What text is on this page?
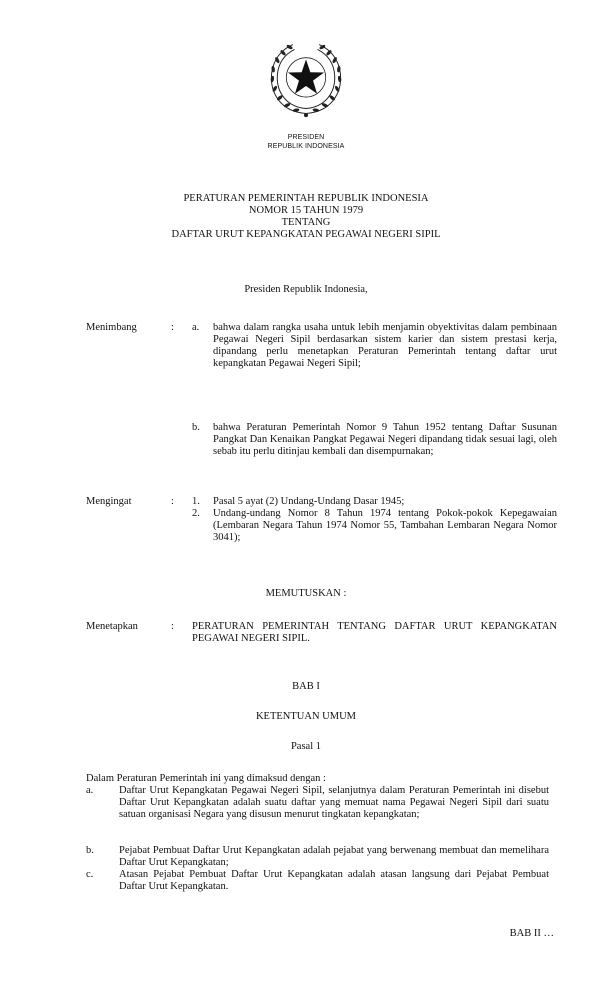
PRESIDEN
REPUBLIK INDONESIA
PERATURAN PEMERINTAH REPUBLIK INDONESIA
NOMOR 15 TAHUN 1979
TENTANG
DAFTAR URUT KEPANGKATAN PEGAWAI NEGERI SIPIL
Presiden Republik Indonesia,
Menimbang	: a. bahwa dalam rangka usaha untuk lebih menjamin obyektivitas dalam pembinaan Pegawai Negeri Sipil berdasarkan sistem karier dan sistem prestasi kerja, dipandang perlu menetapkan Peraturan Pemerintah tentang daftar urut kepangkatan Pegawai Negeri Sipil;
b. bahwa Peraturan Pemerintah Nomor 9 Tahun 1952 tentang Daftar Susunan Pangkat Dan Kenaikan Pangkat Pegawai Negeri dipandang tidak sesuai lagi, oleh sebab itu perlu ditinjau kembali dan disempurnakan;
Mengingat	: 1. Pasal 5 ayat (2) Undang-Undang Dasar 1945;
2. Undang-undang Nomor 8 Tahun 1974 tentang Pokok-pokok Kepegawaian (Lembaran Negara Tahun 1974 Nomor 55, Tambahan Lembaran Negara Nomor 3041);
MEMUTUSKAN :
Menetapkan	: PERATURAN PEMERINTAH TENTANG DAFTAR URUT KEPANGKATAN PEGAWAI NEGERI SIPIL.
BAB I
KETENTUAN UMUM
Pasal 1
Dalam Peraturan Pemerintah ini yang dimaksud dengan :
a. Daftar Urut Kepangkatan Pegawai Negeri Sipil, selanjutnya dalam Peraturan Pemerintah ini disebut Daftar Urut Kepangkatan adalah suatu daftar yang memuat nama Pegawai Negeri Sipil dari suatu satuan organisasi Negara yang disusun menurut tingkatan kepangkatan;
b. Pejabat Pembuat Daftar Urut Kepangkatan adalah pejabat yang berwenang membuat dan memelihara Daftar Urut Kepangkatan;
c. Atasan Pejabat Pembuat Daftar Urut Kepangkatan adalah atasan langsung dari Pejabat Pembuat Daftar Urut Kepangkatan.
BAB II …
